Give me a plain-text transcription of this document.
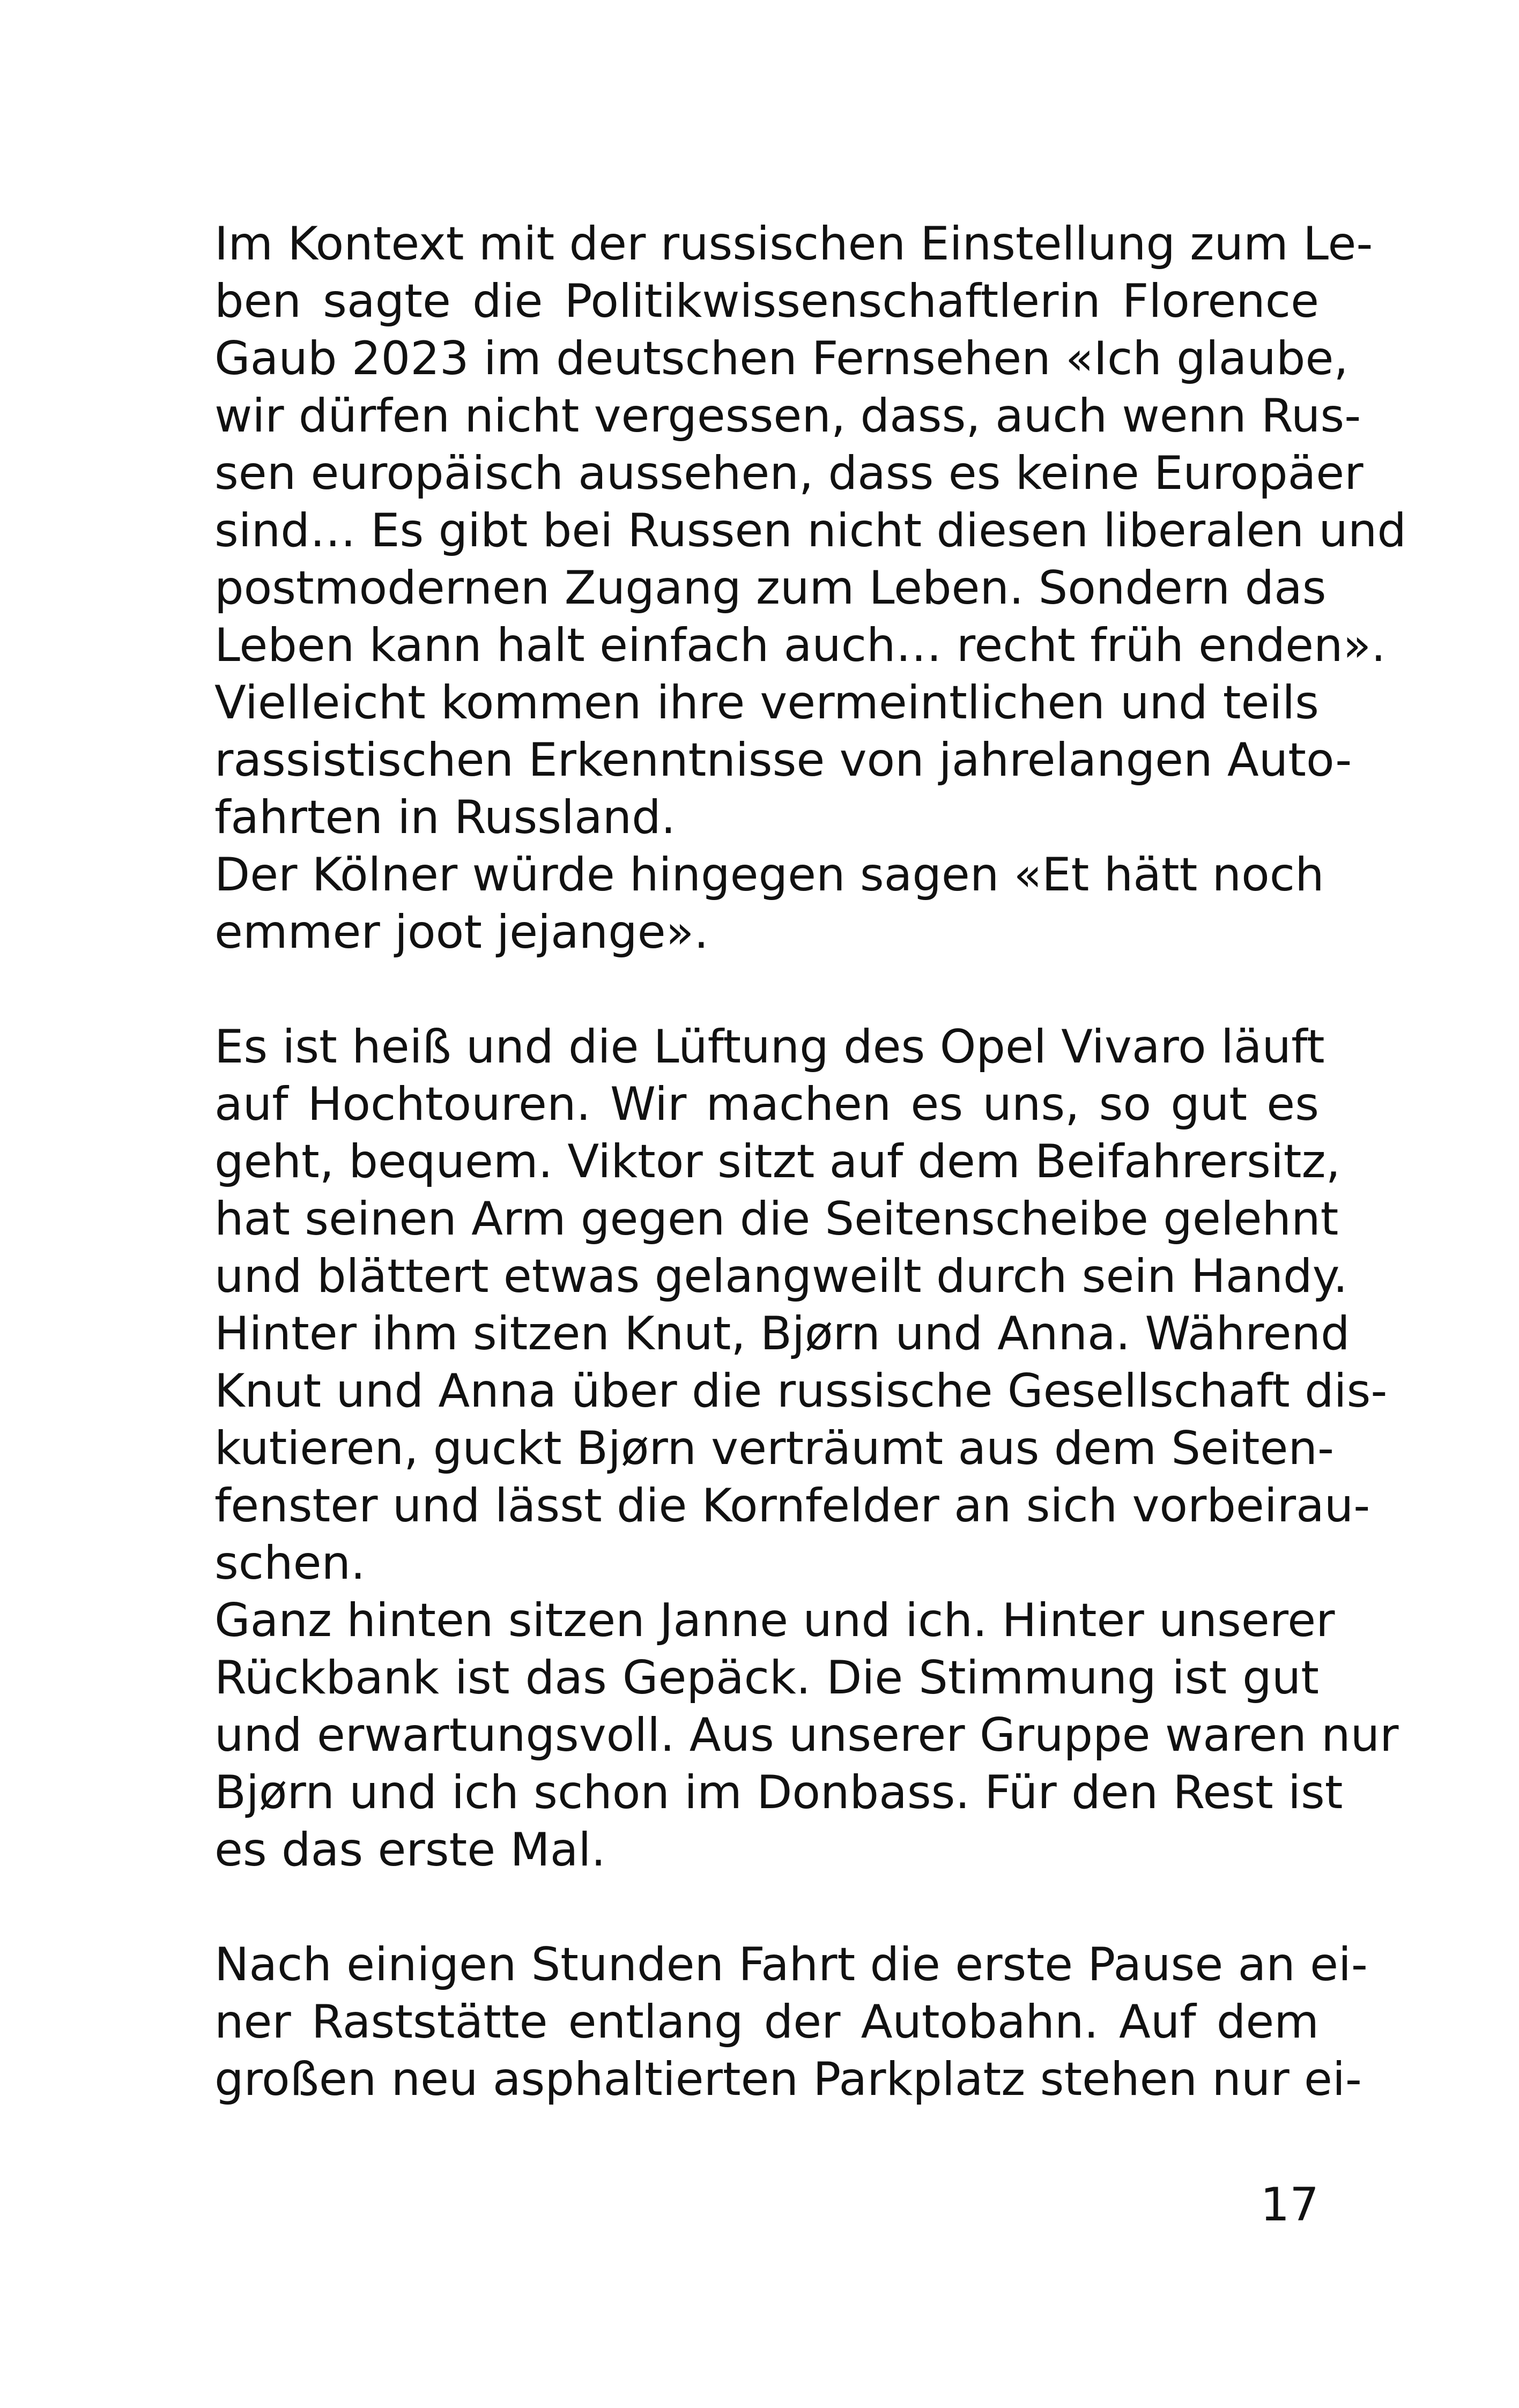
Im Kontext mit der russischen Einstellung zum Le-
ben sagte die Politikwissenschaftlerin Florence
Gaub 2023 im deutschen Fernsehen «Ich glaube,
wir dürfen nicht vergessen, dass, auch wenn Rus-
sen europäisch aussehen, dass es keine Europäer
sind… Es gibt bei Russen nicht diesen liberalen und
postmodernen Zugang zum Leben. Sondern das
Leben kann halt einfach auch… recht früh enden».
Vielleicht kommen ihre vermeintlichen und teils
rassistischen Erkenntnisse von jahrelangen Auto-
fahrten in Russland.
Der Kölner würde hingegen sagen «Et hätt noch
emmer joot jejange».
Es ist heiß und die Lüftung des Opel Vivaro läuft
auf Hochtouren. Wir machen es uns, so gut es
geht, bequem. Viktor sitzt auf dem Beifahrersitz,
hat seinen Arm gegen die Seitenscheibe gelehnt
und blättert etwas gelangweilt durch sein Handy.
Hinter ihm sitzen Knut, Bjørn und Anna. Während
Knut und Anna über die russische Gesellschaft dis-
kutieren, guckt Bjørn verträumt aus dem Seiten-
fenster und lässt die Kornfelder an sich vorbeirau-
schen.
Ganz hinten sitzen Janne und ich. Hinter unserer
Rückbank ist das Gepäck. Die Stimmung ist gut
und erwartungsvoll. Aus unserer Gruppe waren nur
Bjørn und ich schon im Donbass. Für den Rest ist
es das erste Mal.
Nach einigen Stunden Fahrt die erste Pause an ei-
ner Raststätte entlang der Autobahn. Auf dem
großen neu asphaltierten Parkplatz stehen nur ei-
17
